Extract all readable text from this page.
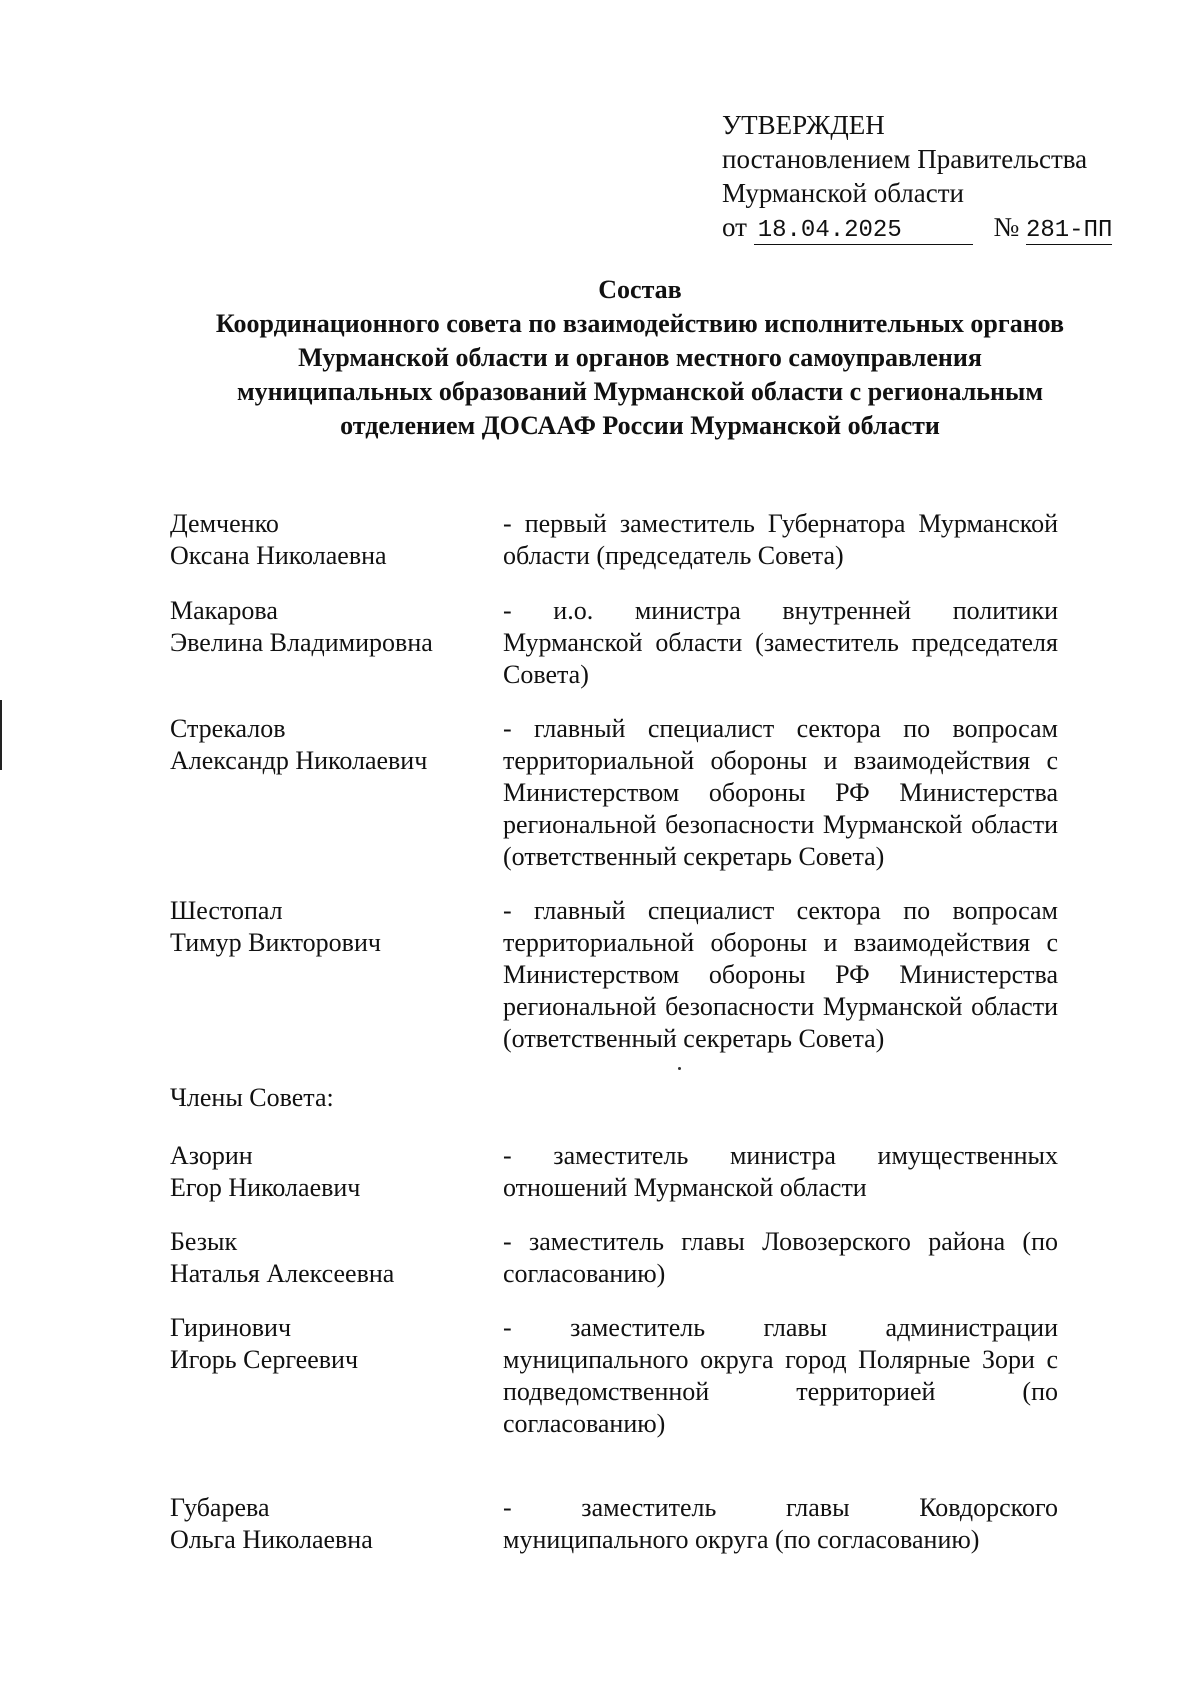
УТВЕРЖДЕН
постановлением Правительства
Мурманской области
от 18.04.2025	№ 281-ПП
Состав
Координационного совета по взаимодействию исполнительных органов
Мурманской области и органов местного самоуправления
муниципальных образований Мурманской области с региональным
отделением ДОСААФ России Мурманской области
Демченко
Оксана Николаевна
- первый заместитель Губернатора Мурманской области (председатель Совета)
Макарова
Эвелина Владимировна
- и.о. министра внутренней политики Мурманской области (заместитель председателя Совета)
Стрекалов
Александр Николаевич
- главный специалист сектора по вопросам территориальной обороны и взаимодействия с Министерством обороны РФ Министерства региональной безопасности Мурманской области (ответственный секретарь Совета)
Шестопал
Тимур Викторович
- главный специалист сектора по вопросам территориальной обороны и взаимодействия с Министерством обороны РФ Министерства региональной безопасности Мурманской области (ответственный секретарь Совета)
Члены Совета:
Азорин
Егор Николаевич
- заместитель министра имущественных отношений Мурманской области
Безык
Наталья Алексеевна
- заместитель главы Ловозерского района (по согласованию)
Гиринович
Игорь Сергеевич
- заместитель главы администрации муниципального округа город Полярные Зори с подведомственной территорией (по согласованию)
Губарева
Ольга Николаевна
- заместитель главы Ковдорского муниципального округа (по согласованию)
